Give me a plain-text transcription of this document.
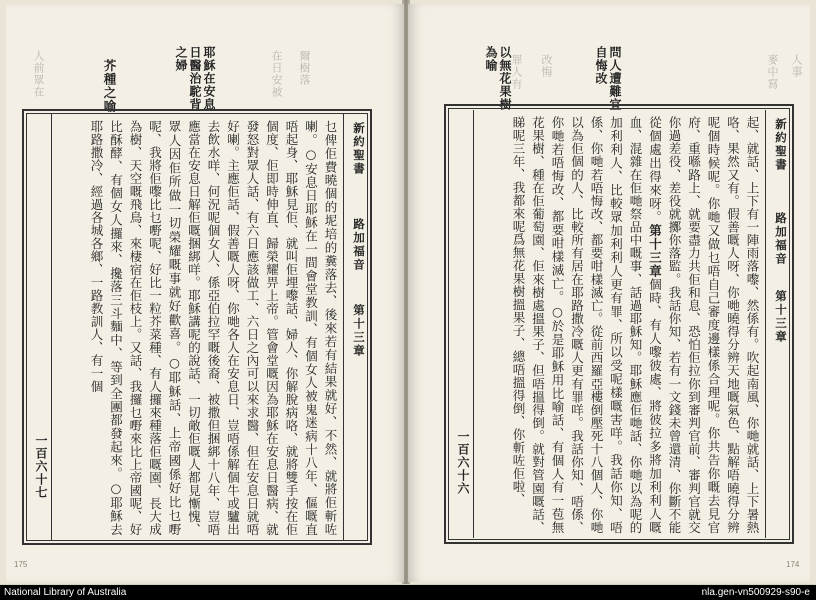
人前眾在	在日安被 爾樹落
芥種之喻	耶穌在安息日醫治駝背之婦
新約聖書
路加福音
第十三章
一百六十七	乜俾佢費曉個的坭培的糞落去、後來若有結果就好、不然、就將佢斬咗喇。○安息日耶穌在一間會堂教訓、有個女人被鬼迷病十八年、傴嘅直唔起身、耶穌見佢、就叫佢埋嚟話、婦人、你解脫病咯、就將雙手按在佢個度、佢即時伸直、歸榮耀畀上帝。管會堂嘅因為耶穌在安息日醫病、就發怒對眾人話、有六日應該做工、六日之內可以來求醫、但在安息日就唔好喇。主應佢話、假善嘅人呀、你哋各人在安息日、豈唔係解個牛或驢出去飲水咩、何況呢個女人、係亞伯拉罕嘅後裔、被撒但捆綁十八年、豈唔應當在安息日解佢嘅捆綁咩。耶穌講呢的說話、一切敵佢嘅人都見慚愧、眾人因佢所做一切榮耀嘅事就好歡喜。○耶穌話、上帝國係好比乜嘢呢、我將佢嚟比乜嘢呢、好比一粒芥菜種、有人攞來種落佢嘅園、長大成為樹、天空嘅飛鳥、來棲宿在佢枝上。又話、我攞乜嘢來比上帝國呢、好比酥酵、有個女人攞來、攙落三斗麵中、等到全團都發起來。○耶穌去耶路撒冷、經過各城各鄉、一路教訓人、有一個
175
罪人有 改悔	麥中寫 人事
問人遭難宜自悔改
以無花果樹為喻
新約聖書
路加福音
第十三章
一百六十六	起、就話、上下有一陣雨落嚟、然係有。吹起南風、你哋就話、上下暑熱咯、果然又有。假善嘅人呀、你哋曉得分辨天地嘅氣色、點解唔曉得分辨呢個時候呢。你哋又做乜唔自己審度邊樣係合理呢。你共告你嘅去見官府、重喺路上、就要盡力共佢和息、恐怕佢拉你到審判官前、審判官就交你過差役、差役就擲你落監。我話你知、若有一文錢未曾還清、你斷不能從個處出得來呀。第十三章個時、有人嚟彼處、將彼拉多將加利利人嘅血、混雜在佢哋祭品中嘅事、話過耶穌知。耶穌應佢哋話、你哋以為呢的加利利人、比較眾加利利人更有罪、所以受呢樣嘅害咩。我話你知、唔係、你哋若唔悔改、都要咁樣滅亡。從前西羅亞樓倒壓死十八個人、你哋以為佢個的人、比較所有居在耶路撒冷嘅人更有罪咩。我話你知、唔係、你哋若唔悔改、都要咁樣滅亡。○於是耶穌用比喻話、有個人有一苞無花果樹、種在佢葡萄園、佢來樹處搵果子、但唔搵得倒。就對管園嘅話、睇呢三年、我都來呢爲無花果樹搵果子、總唔搵得倒、你斬咗佢啦、
174
National Library of Australia	nla.gen-vn500929-s90-e
